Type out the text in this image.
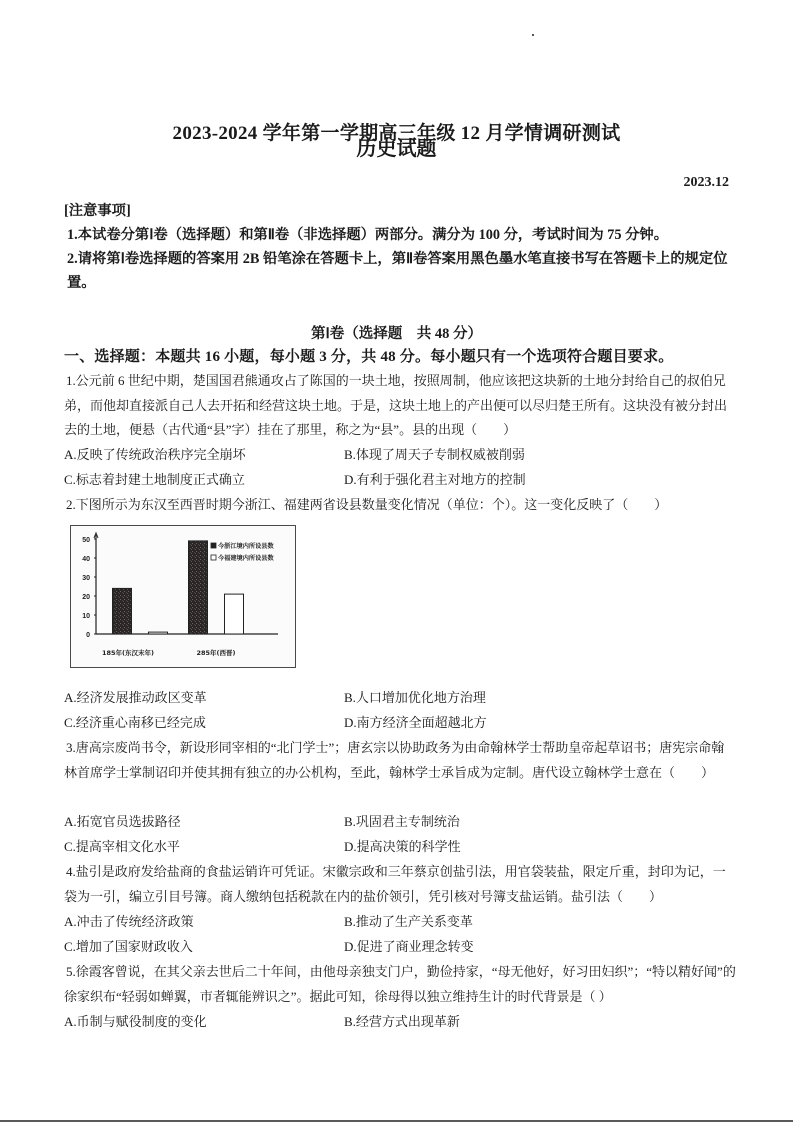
2023-2024 学年第一学期高三年级 12 月学情调研测试
历史试题
2023.12
[注意事项]
1.本试卷分第Ⅰ卷（选择题）和第Ⅱ卷（非选择题）两部分。满分为 100 分，考试时间为 75 分钟。
2.请将第Ⅰ卷选择题的答案用 2B 铅笔涂在答题卡上，第Ⅱ卷答案用黑色墨水笔直接书写在答题卡上的规定位置。
第Ⅰ卷（选择题　共 48 分）
一、选择题：本题共 16 小题，每小题 3 分，共 48 分。每小题只有一个选项符合题目要求。
1.公元前 6 世纪中期，楚国国君熊通攻占了陈国的一块土地，按照周制，他应该把这块新的土地分封给自己的叔伯兄弟，而他却直接派自己人去开拓和经营这块土地。于是，这块土地上的产出便可以尽归楚王所有。这块没有被分封出去的土地，便悬（古代通“县”字）挂在了那里，称之为“县”。县的出现（　　）
A.反映了传统政治秩序完全崩坏	B.体现了周天子专制权威被削弱
C.标志着封建土地制度正式确立	D.有利于强化君主对地方的控制
2.下图所示为东汉至西晋时期今浙江、福建两省设县数量变化情况（单位：个）。这一变化反映了（　　）
0
10
20
30
40
50
今浙江境内所设县数
今福建境内所设县数
185年(东汉末年)	285年(西晋)
A.经济发展推动政区变革	B.人口增加优化地方治理
C.经济重心南移已经完成	D.南方经济全面超越北方
3.唐高宗废尚书令，新设形同宰相的“北门学士”；唐玄宗以协助政务为由命翰林学士帮助皇帝起草诏书；唐宪宗命翰林首席学士掌制诏印并使其拥有独立的办公机构，至此，翰林学士承旨成为定制。唐代设立翰林学士意在（　　）
A.拓宽官员选拔路径	B.巩固君主专制统治
C.提高宰相文化水平	D.提高决策的科学性
4.盐引是政府发给盐商的食盐运销许可凭证。宋徽宗政和三年蔡京创盐引法，用官袋装盐，限定斤重，封印为记，一袋为一引，编立引目号簿。商人缴纳包括税款在内的盐价领引，凭引核对号簿支盐运销。盐引法（　　）
A.冲击了传统经济政策	B.推动了生产关系变革
C.增加了国家财政收入	D.促进了商业理念转变
5.徐霞客曾说，在其父亲去世后二十年间，由他母亲独支门户，勤俭持家，“母无他好，好习田妇织”；“特以精好闻”的徐家织布“轻弱如蝉翼，市者辄能辨识之”。据此可知，徐母得以独立维持生计的时代背景是（ ）
A.币制与赋役制度的变化	B.经营方式出现革新
